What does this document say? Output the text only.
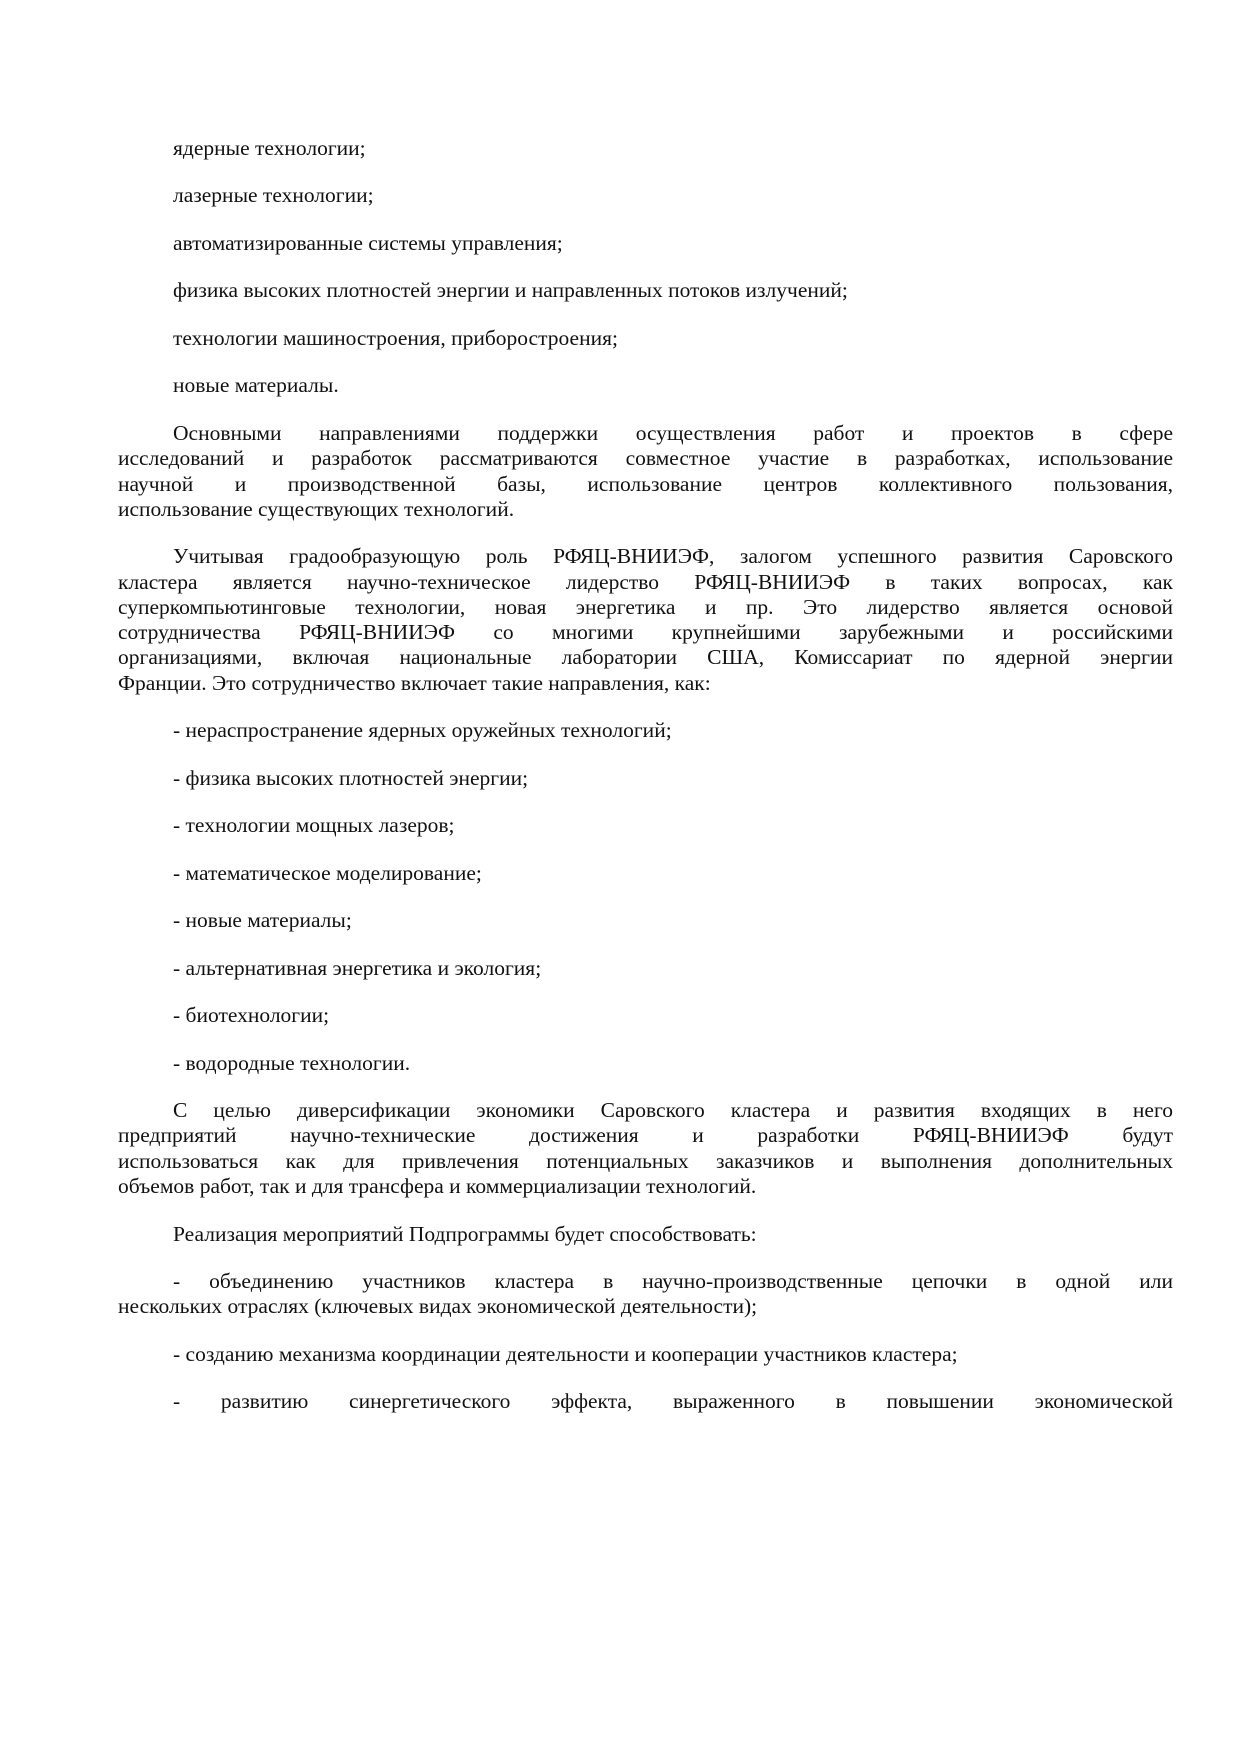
ядерные технологии;
лазерные технологии;
автоматизированные системы управления;
физика высоких плотностей энергии и направленных потоков излучений;
технологии машиностроения, приборостроения;
новые материалы.
Основными направлениями поддержки осуществления работ и проектов в сфере
исследований и разработок рассматриваются совместное участие в разработках, использование
научной и производственной базы, использование центров коллективного пользования,
использование существующих технологий.
Учитывая градообразующую роль РФЯЦ-ВНИИЭФ, залогом успешного развития Саровского
кластера является научно-техническое лидерство РФЯЦ-ВНИИЭФ в таких вопросах, как
суперкомпьютинговые технологии, новая энергетика и пр. Это лидерство является основой
сотрудничества РФЯЦ-ВНИИЭФ со многими крупнейшими зарубежными и российскими
организациями, включая национальные лаборатории США, Комиссариат по ядерной энергии
Франции. Это сотрудничество включает такие направления, как:
- нераспространение ядерных оружейных технологий;
- физика высоких плотностей энергии;
- технологии мощных лазеров;
- математическое моделирование;
- новые материалы;
- альтернативная энергетика и экология;
- биотехнологии;
- водородные технологии.
С целью диверсификации экономики Саровского кластера и развития входящих в него
предприятий научно-технические достижения и разработки РФЯЦ-ВНИИЭФ будут
использоваться как для привлечения потенциальных заказчиков и выполнения дополнительных
объемов работ, так и для трансфера и коммерциализации технологий.
Реализация мероприятий Подпрограммы будет способствовать:
- объединению участников кластера в научно-производственные цепочки в одной или
нескольких отраслях (ключевых видах экономической деятельности);
- созданию механизма координации деятельности и кооперации участников кластера;
- развитию синергетического эффекта, выраженного в повышении экономической
